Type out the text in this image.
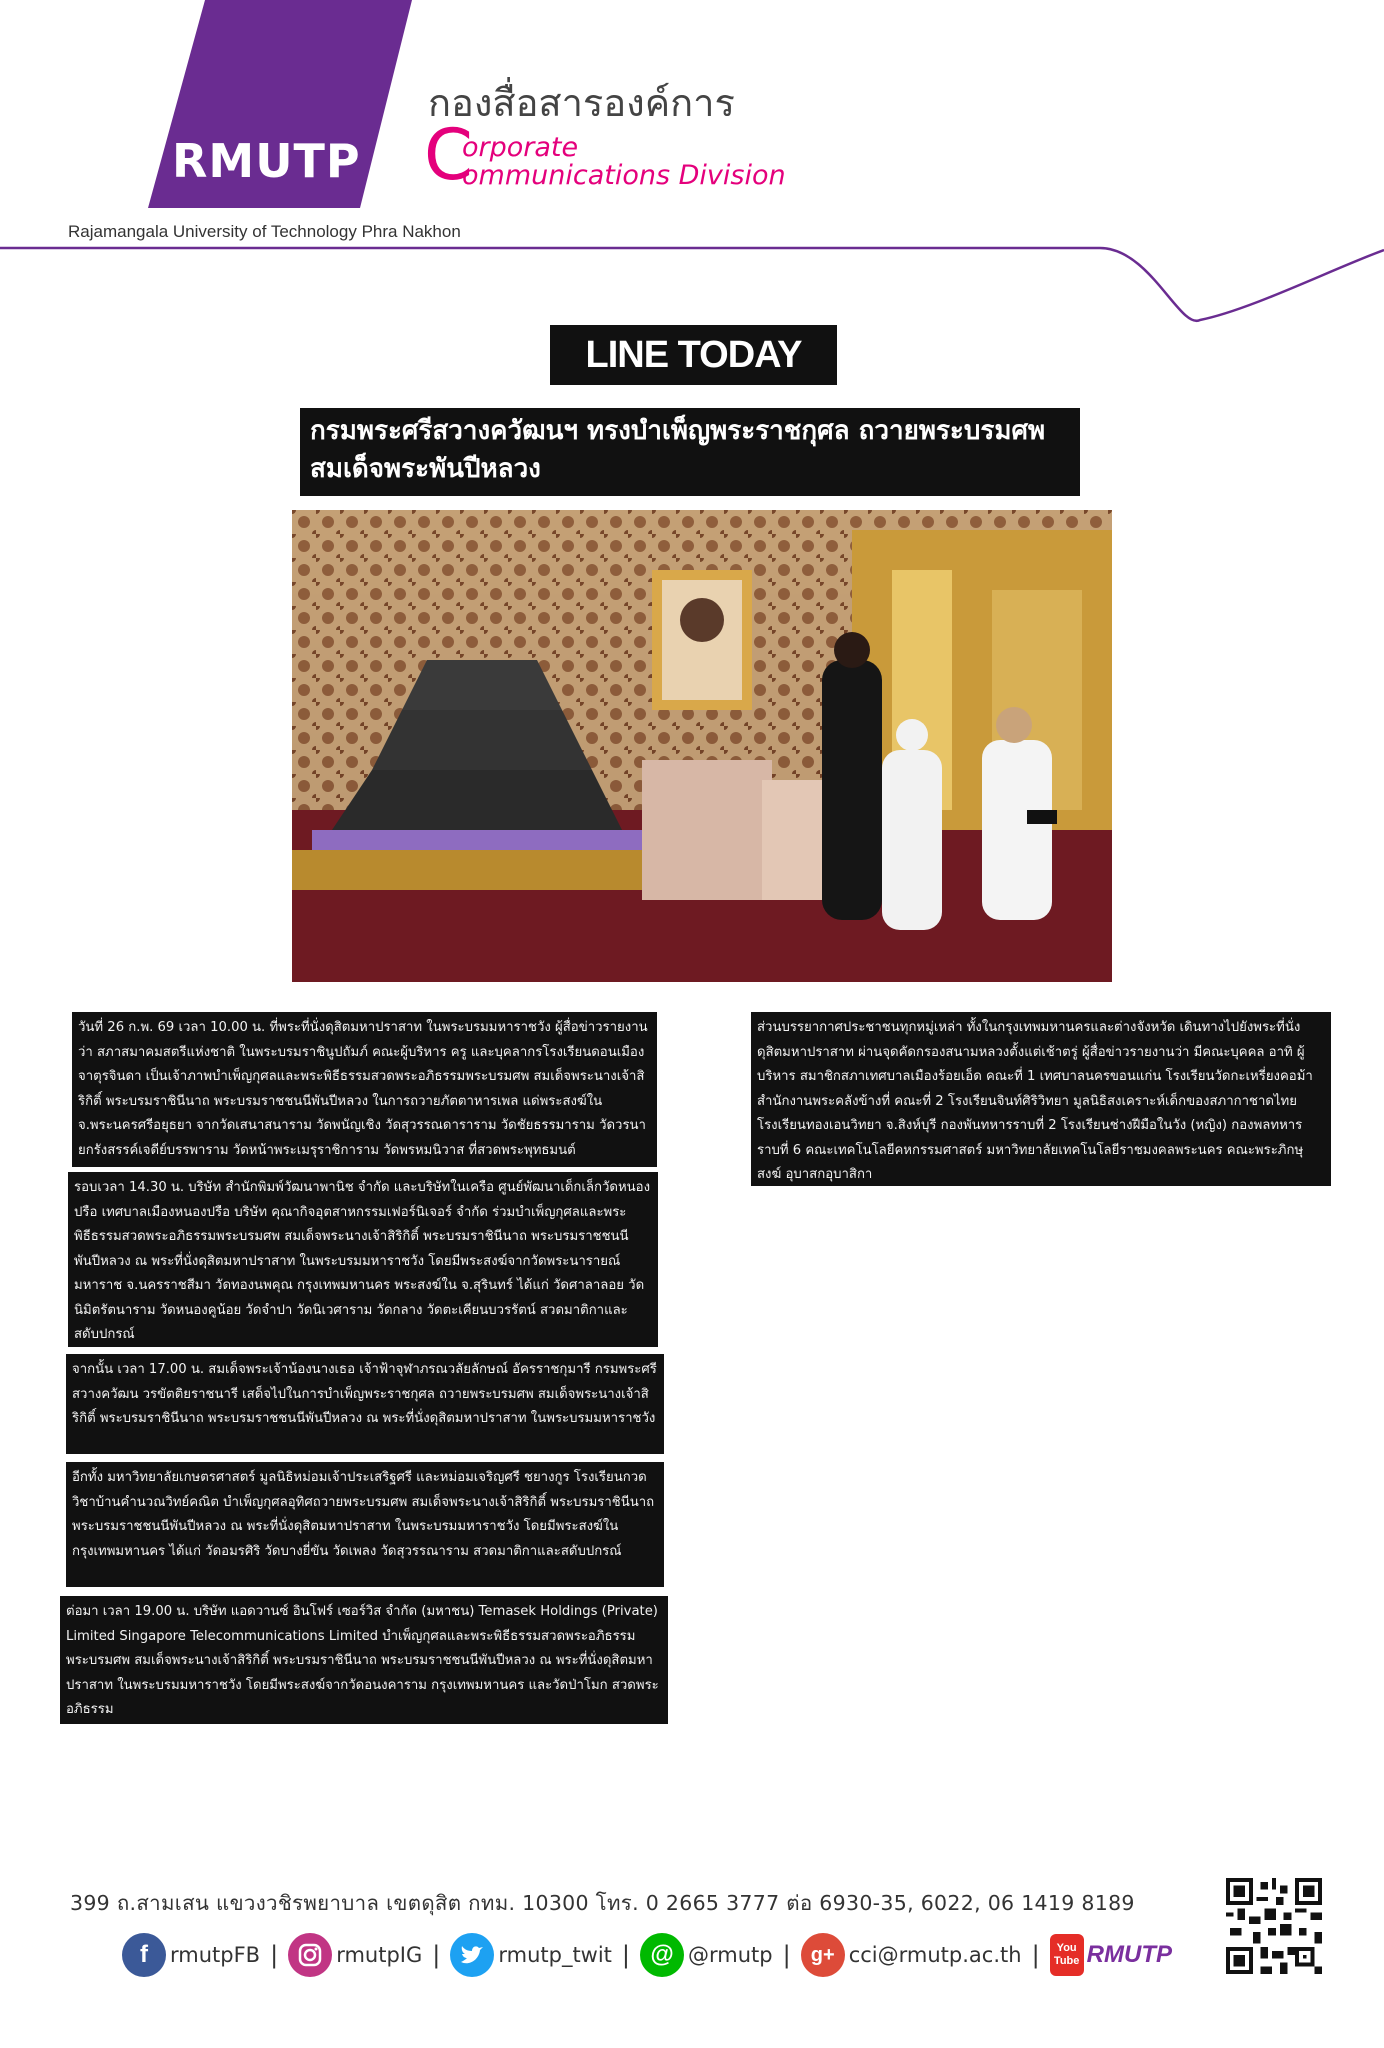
RMUTP
กองสื่อสารองค์การ
C
orporate
ommunications Division
Rajamangala University of Technology Phra Nakhon
LINE TODAY
กรมพระศรีสวางควัฒนฯ ทรงบำเพ็ญพระราชกุศล ถวายพระบรมศพ สมเด็จพระพันปีหลวง
วันที่ 26 ก.พ. 69 เวลา 10.00 น. ที่พระที่นั่งดุสิตมหาปราสาท ในพระบรมมหาราชวัง ผู้สื่อข่าวรายงานว่า สภาสมาคมสตรีแห่งชาติ ในพระบรมราชินูปถัมภ์ คณะผู้บริหาร ครู และบุคลากรโรงเรียนดอนเมืองจาตุรจินดา เป็นเจ้าภาพบำเพ็ญกุศลและพระพิธีธรรมสวดพระอภิธรรมพระบรมศพ สมเด็จพระนางเจ้าสิริกิติ์ พระบรมราชินีนาถ พระบรมราชชนนีพันปีหลวง ในการถวายภัตตาหารเพล แด่พระสงฆ์ใน จ.พระนครศรีอยุธยา จากวัดเสนาสนาราม วัดพนัญเชิง วัดสุวรรณดาราราม วัดชัยธรรมาราม วัดวรนายกรังสรรค์เจดีย์บรรพาราม วัดหน้าพระเมรุราชิการาม วัดพรหมนิวาส ที่สวดพระพุทธมนต์
รอบเวลา 14.30 น. บริษัท สำนักพิมพ์วัฒนาพานิช จำกัด และบริษัทในเครือ ศูนย์พัฒนาเด็กเล็กวัดหนองปรือ เทศบาลเมืองหนองปรือ บริษัท คุณากิจอุตสาหกรรมเฟอร์นิเจอร์ จำกัด ร่วมบำเพ็ญกุศลและพระพิธีธรรมสวดพระอภิธรรมพระบรมศพ สมเด็จพระนางเจ้าสิริกิติ์ พระบรมราชินีนาถ พระบรมราชชนนีพันปีหลวง ณ พระที่นั่งดุสิตมหาปราสาท ในพระบรมมหาราชวัง โดยมีพระสงฆ์จากวัดพระนารายณ์มหาราช จ.นครราชสีมา วัดทองนพคุณ กรุงเทพมหานคร พระสงฆ์ใน จ.สุรินทร์ ได้แก่ วัดศาลาลอย วัดนิมิตรัตนาราม วัดหนองคูน้อย วัดจำปา วัดนิเวศาราม วัดกลาง วัดตะเคียนบวรรัตน์ สวดมาติกาและสดับปกรณ์
จากนั้น เวลา 17.00 น. สมเด็จพระเจ้าน้องนางเธอ เจ้าฟ้าจุฬาภรณวลัยลักษณ์ อัครราชกุมารี กรมพระศรีสวางควัฒน วรขัตติยราชนารี เสด็จไปในการบำเพ็ญพระราชกุศล ถวายพระบรมศพ สมเด็จพระนางเจ้าสิริกิติ์ พระบรมราชินีนาถ พระบรมราชชนนีพันปีหลวง ณ พระที่นั่งดุสิตมหาปราสาท ในพระบรมมหาราชวัง
อีกทั้ง มหาวิทยาลัยเกษตรศาสตร์ มูลนิธิหม่อมเจ้าประเสริฐศรี และหม่อมเจริญศรี ชยางกูร โรงเรียนกวดวิชาบ้านคำนวณวิทย์คณิต บำเพ็ญกุศลอุทิศถวายพระบรมศพ สมเด็จพระนางเจ้าสิริกิติ์ พระบรมราชินีนาถ พระบรมราชชนนีพันปีหลวง ณ พระที่นั่งดุสิตมหาปราสาท ในพระบรมมหาราชวัง โดยมีพระสงฆ์ในกรุงเทพมหานคร ได้แก่ วัดอมรศิริ วัดบางยี่ขัน วัดเพลง วัดสุวรรณาราม สวดมาติกาและสดับปกรณ์
ต่อมา เวลา 19.00 น. บริษัท แอดวานซ์ อินโฟร์ เซอร์วิส จำกัด (มหาชน) Temasek Holdings (Private) Limited Singapore Telecommunications Limited บำเพ็ญกุศลและพระพิธีธรรมสวดพระอภิธรรมพระบรมศพ สมเด็จพระนางเจ้าสิริกิติ์ พระบรมราชินีนาถ พระบรมราชชนนีพันปีหลวง ณ พระที่นั่งดุสิตมหาปราสาท ในพระบรมมหาราชวัง โดยมีพระสงฆ์จากวัดอนงคาราม กรุงเทพมหานคร และวัดป่าโมก สวดพระอภิธรรม
ส่วนบรรยากาศประชาชนทุกหมู่เหล่า ทั้งในกรุงเทพมหานครและต่างจังหวัด เดินทางไปยังพระที่นั่งดุสิตมหาปราสาท ผ่านจุดคัดกรองสนามหลวงตั้งแต่เช้าตรู่ ผู้สื่อข่าวรายงานว่า มีคณะบุคคล อาทิ ผู้บริหาร สมาชิกสภาเทศบาลเมืองร้อยเอ็ด คณะที่ 1 เทศบาลนครขอนแก่น โรงเรียนวัดกะเหรี่ยงคอม้า สำนักงานพระคลังข้างที่ คณะที่ 2 โรงเรียนจินท์ศิริวิทยา มูลนิธิสงเคราะห์เด็กของสภากาชาดไทย โรงเรียนทองเอนวิทยา จ.สิงห์บุรี กองพันทหารราบที่ 2 โรงเรียนช่างฝีมือในวัง (หญิง) กองพลทหารราบที่ 6 คณะเทคโนโลยีคหกรรมศาสตร์ มหาวิทยาลัยเทคโนโลยีราชมงคลพระนคร คณะพระภิกษุสงฆ์ อุบาสกอุบาสิกา
399 ถ.สามเสน แขวงวชิรพยาบาล เขตดุสิต กทม. 10300 โทร. 0 2665 3777 ต่อ 6930-35, 6022, 06 1419 8189
f	rmutpFB |	rmutpIG |	rmutp_twit | @ @rmutp |	g+ cci@rmutp.ac.th | You
Tube RMUTP
